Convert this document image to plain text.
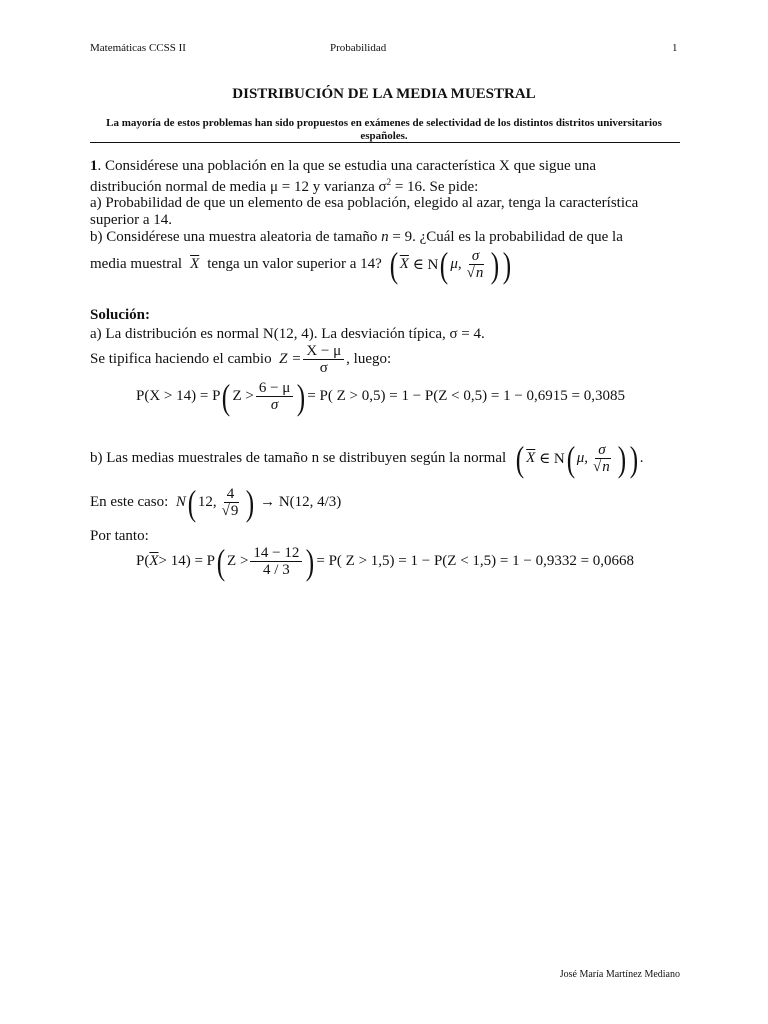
Matemáticas CCSS II	Probabilidad	1
DISTRIBUCIÓN DE LA MEDIA MUESTRAL
La mayoría de estos problemas han sido propuestos en exámenes de selectividad de los distintos distritos universitarios españoles.
1. Considérese una población en la que se estudia una característica X que sigue una
distribución normal de media μ = 12 y varianza $\sigma^2 = 16$. Se pide:
a) Probabilidad de que un elemento de esa población, elegido al azar, tenga la característica
superior a 14.
b) Considérese una muestra aleatoria de tamaño n = 9. ¿Cuál es la probabilidad de que la
media muestral $\overline{X}$ tenga un valor superior a 14? ( $\overline{X}$
∈ N ( μ, $\frac{\sigma}{√n}$ ) )
Solución:
a) La distribución es normal N(12, 4). La desviación típica, σ = 4.
Se tipifica haciendo el cambio
$Z = \frac{X - \mu}{\sigma}$ , luego:
P(X > 14) = P ( $Z > \frac{6 - \mu}{\sigma}$ ) = P( Z > 0,5) = 1 − P(Z < 0,5) = 1 − 0,6915 = 0,3085
b) Las medias muestrales de tamaño n se distribuyen según la normal ( $\overline{X}$
∈ N ( μ, $\frac{\sigma}{√n}$ ) ) .
En este caso:
N ( 12, $\frac{4}{√9}$ )
→ N(12, 4/3)
Por tanto:
P( $\overline{X} > 14) = P$ ( $Z > \frac{14 - 12}{4 / 3}$ ) = P( Z > 1,5) = 1 − P(Z < 1,5) = 1 − 0,9332 = 0,0668
José María Martínez Mediano
